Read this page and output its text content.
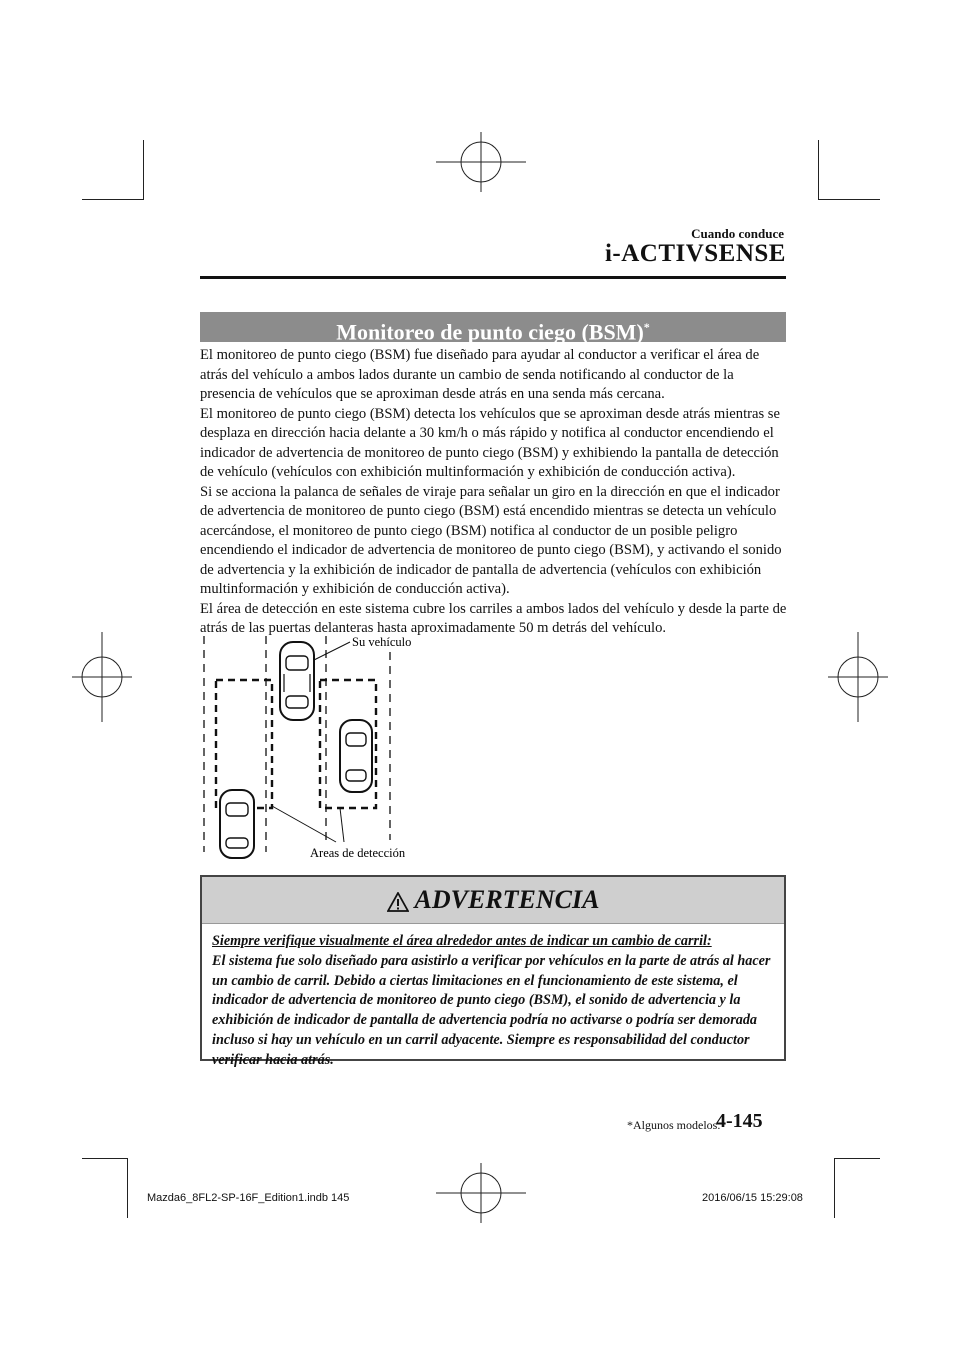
Cuando conduce
i-ACTIVSENSE
Monitoreo de punto ciego (BSM)*

El monitoreo de punto ciego (BSM) fue diseñado para ayudar al conductor a verificar el área de atrás del vehículo a ambos lados durante un cambio de senda notificando al conductor de la presencia de vehículos que se aproximan desde atrás en una senda más cercana.

El monitoreo de punto ciego (BSM) detecta los vehículos que se aproximan desde atrás mientras se desplaza en dirección hacia delante a 30 km/h o más rápido y notifica al conductor encendiendo el indicador de advertencia de monitoreo de punto ciego (BSM) y exhibiendo la pantalla de detección de vehículo (vehículos con exhibición multinformación y exhibición de conducción activa).

Si se acciona la palanca de señales de viraje para señalar un giro en la dirección en que el indicador de advertencia de monitoreo de punto ciego (BSM) está encendido mientras se detecta un vehículo acercándose, el monitoreo de punto ciego (BSM) notifica al conductor de un posible peligro encendiendo el indicador de advertencia de monitoreo de punto ciego (BSM), y activando el sonido de advertencia y la exhibición de indicador de pantalla de advertencia (vehículos con exhibición multinformación y exhibición de conducción activa).

El área de detección en este sistema cubre los carriles a ambos lados del vehículo y desde la parte de atrás de las puertas delanteras hasta aproximadamente 50 m detrás del vehículo.

Su vehículo
Areas de detección
ADVERTENCIA
Siempre verifique visualmente el área alrededor antes de indicar un cambio de carril:
El sistema fue solo diseñado para asistirlo a verificar por vehículos en la parte de atrás al hacer un cambio de carril. Debido a ciertas limitaciones en el funcionamiento de este sistema, el indicador de advertencia de monitoreo de punto ciego (BSM), el sonido de advertencia y la exhibición de indicador de pantalla de advertencia podría no activarse o podría ser demorada incluso si hay un vehículo en un carril adyacente. Siempre es responsabilidad del conductor verificar hacia atrás.
*Algunos modelos.
4-145
Mazda6_8FL2-SP-16F_Edition1.indb 145	2016/06/15 15:29:08
